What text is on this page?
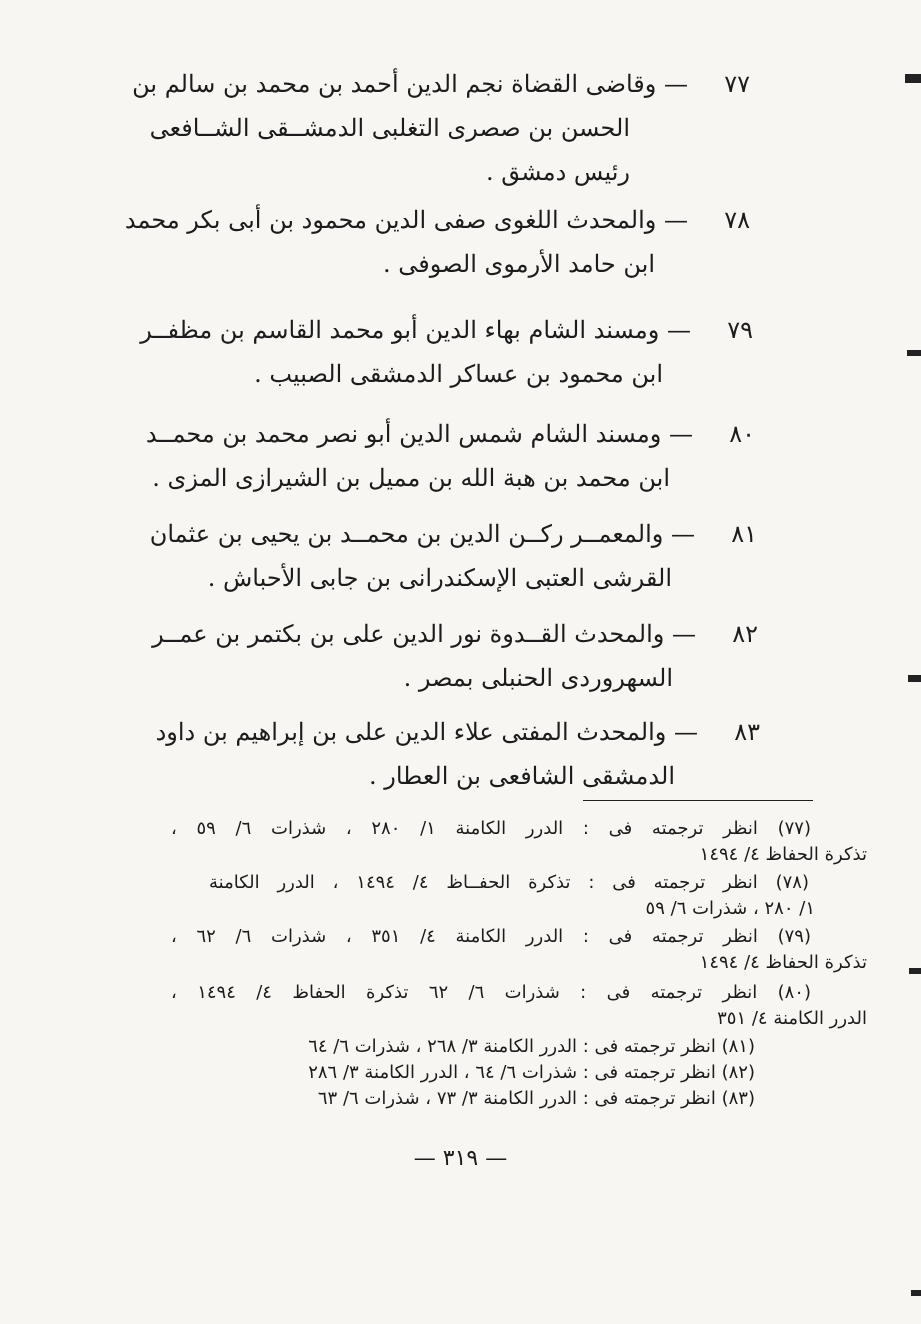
٧٧
— وقاضى القضاة نجم الدين أحمد بن محمد بن سالم بن
الحسن بن صصرى التغلبى الدمشــقى الشــافعى
رئيس دمشق .
٧٨
— والمحدث اللغوى صفى الدين محمود بن أبى بكر محمد
ابن حامد الأرموى الصوفى .
٧٩
— ومسند الشام بهاء الدين أبو محمد القاسم بن مظفــر
ابن محمود بن عساكر الدمشقى الصبيب .
٨٠
— ومسند الشام شمس الدين أبو نصر محمد بن محمــد
ابن محمد بن هبة الله بن مميل بن الشيرازى المزى .
٨١
— والمعمــر ركــن الدين بن محمــد بن يحيى بن عثمان
القرشى العتبى الإسكندرانى بن جابى الأحباش .
٨٢
— والمحدث القــدوة نور الدين على بن بكتمر بن عمــر
السهروردى الحنبلى بمصر .
٨٣
— والمحدث المفتى علاء الدين على بن إبراهيم بن داود
الدمشقى الشافعى بن العطار .
(٧٧) انظر ترجمته فى : الدرر الكامنة ١/ ٢٨٠ ، شذرات ٦/ ٥٩ ،
تذكرة الحفاظ ٤/ ١٤٩٤
(٧٨) انظر ترجمته فى : تذكرة الحفــاظ ٤/ ١٤٩٤ ، الدرر الكامنة
١/ ٢٨٠ ، شذرات ٦/ ٥٩
(٧٩) انظر ترجمته فى : الدرر الكامنة ٤/ ٣٥١ ، شذرات ٦/ ٦٢ ،
تذكرة الحفاظ ٤/ ١٤٩٤
(٨٠) انظر ترجمته فى : شذرات ٦/ ٦٢ تذكرة الحفاظ ٤/ ١٤٩٤ ،
الدرر الكامنة ٤/ ٣٥١
(٨١) انظر ترجمته فى : الدرر الكامنة ٣/ ٢٦٨ ، شذرات ٦/ ٦٤
(٨٢) انظر ترجمته فى : شذرات ٦/ ٦٤ ، الدرر الكامنة ٣/ ٢٨٦
(٨٣) انظر ترجمته فى : الدرر الكامنة ٣/ ٧٣ ، شذرات ٦/ ٦٣
— ٣١٩ —
